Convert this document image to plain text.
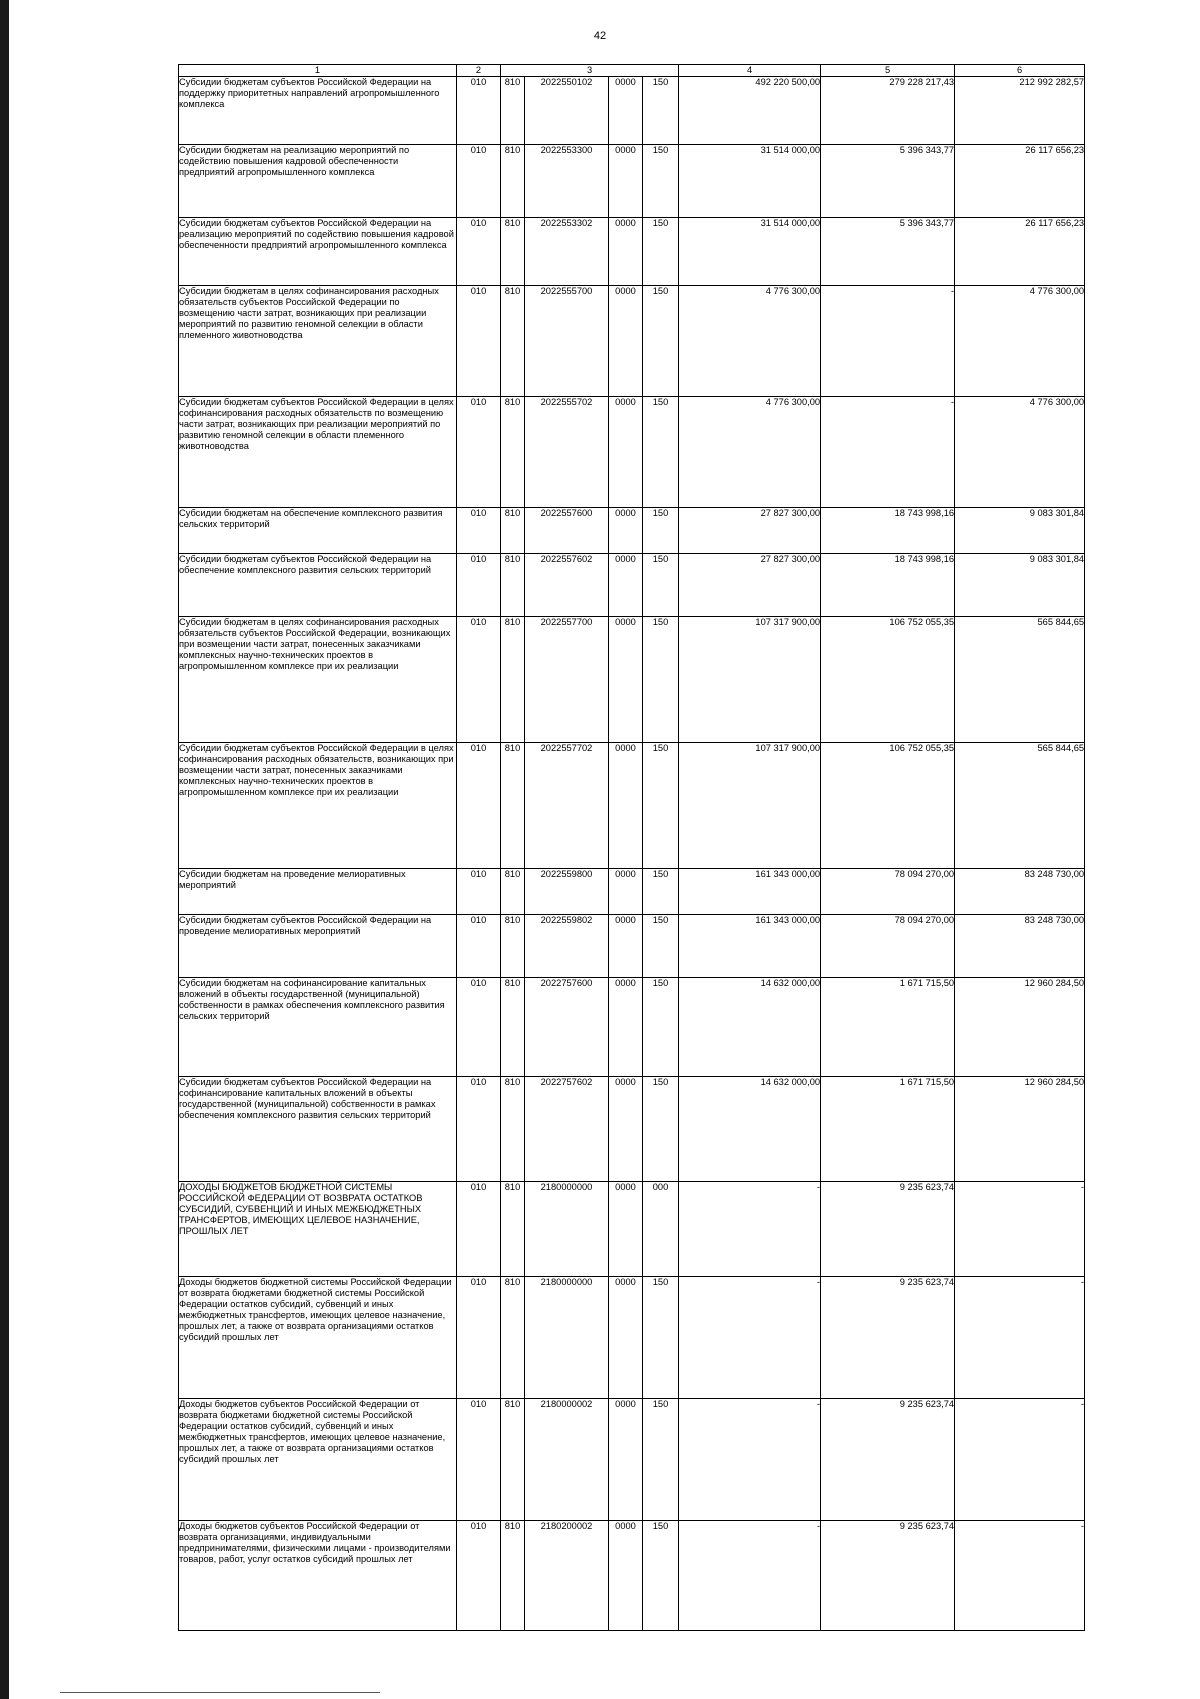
42
1	2	3				4	5	6
Субсидии бюджетам субъектов Российской Федерации на поддержку приоритетных направлений агропромышленного комплекса	010	810	2022550102	0000	150	492 220 500,00	279 228 217,43	212 992 282,57
Субсидии бюджетам на реализацию мероприятий по содействию повышения кадровой обеспеченности предприятий агропромышленного комплекса	010	810	2022553300	0000	150	31 514 000,00	5 396 343,77	26 117 656,23
Субсидии бюджетам субъектов Российской Федерации на реализацию мероприятий по содействию повышения кадровой обеспеченности предприятий агропромышленного комплекса	010	810	2022553302	0000	150	31 514 000,00	5 396 343,77	26 117 656,23
Субсидии бюджетам в целях софинансирования расходных обязательств субъектов Российской Федерации по возмещению части затрат, возникающих при реализации мероприятий по развитию геномной селекции в области племенного животноводства	010	810	2022555700	0000	150	4 776 300,00	-	4 776 300,00
Субсидии бюджетам субъектов Российской Федерации в целях софинансирования расходных обязательств по возмещению части затрат, возникающих при реализации мероприятий по развитию геномной селекции в области племенного животноводства	010	810	2022555702	0000	150	4 776 300,00	-	4 776 300,00
Субсидии бюджетам на обеспечение комплексного развития сельских территорий	010	810	2022557600	0000	150	27 827 300,00	18 743 998,16	9 083 301,84
Субсидии бюджетам субъектов Российской Федерации на обеспечение комплексного развития сельских территорий	010	810	2022557602	0000	150	27 827 300,00	18 743 998,16	9 083 301,84
Субсидии бюджетам в целях софинансирования расходных обязательств субъектов Российской Федерации, возникающих при возмещении части затрат, понесенных заказчиками комплексных научно-технических проектов в агропромышленном комплексе при их реализации	010	810	2022557700	0000	150	107 317 900,00	106 752 055,35	565 844,65
Субсидии бюджетам субъектов Российской Федерации в целях софинансирования расходных обязательств, возникающих при возмещении части затрат, понесенных заказчиками комплексных научно-технических проектов в агропромышленном комплексе при их реализации	010	810	2022557702	0000	150	107 317 900,00	106 752 055,35	565 844,65
Субсидии бюджетам на проведение мелиоративных мероприятий	010	810	2022559800	0000	150	161 343 000,00	78 094 270,00	83 248 730,00
Субсидии бюджетам субъектов Российской Федерации на проведение мелиоративных мероприятий	010	810	2022559802	0000	150	161 343 000,00	78 094 270,00	83 248 730,00
Субсидии бюджетам на софинансирование капитальных вложений в объекты государственной (муниципальной) собственности в рамках обеспечения комплексного развития сельских территорий	010	810	2022757600	0000	150	14 632 000,00	1 671 715,50	12 960 284,50
Субсидии бюджетам субъектов Российской Федерации на софинансирование капитальных вложений в объекты государственной (муниципальной) собственности в рамках обеспечения комплексного развития сельских территорий	010	810	2022757602	0000	150	14 632 000,00	1 671 715,50	12 960 284,50
ДОХОДЫ БЮДЖЕТОВ БЮДЖЕТНОЙ СИСТЕМЫ РОССИЙСКОЙ ФЕДЕРАЦИИ ОТ ВОЗВРАТА ОСТАТКОВ СУБСИДИЙ, СУБВЕНЦИЙ И ИНЫХ МЕЖБЮДЖЕТНЫХ ТРАНСФЕРТОВ, ИМЕЮЩИХ ЦЕЛЕВОЕ НАЗНАЧЕНИЕ, ПРОШЛЫХ ЛЕТ	010	810	2180000000	0000	000	-	9 235 623,74	-
Доходы бюджетов бюджетной системы Российской Федерации от возврата бюджетами бюджетной системы Российской Федерации остатков субсидий, субвенций и иных межбюджетных трансфертов, имеющих целевое назначение, прошлых лет, а также от возврата организациями остатков субсидий прошлых лет	010	810	2180000000	0000	150	-	9 235 623,74	-
Доходы бюджетов субъектов Российской Федерации от возврата бюджетами бюджетной системы Российской Федерации остатков субсидий, субвенций и иных межбюджетных трансфертов, имеющих целевое назначение, прошлых лет, а также от возврата организациями остатков субсидий прошлых лет	010	810	2180000002	0000	150	-	9 235 623,74	-
Доходы бюджетов субъектов Российской Федерации от возврата организациями, индивидуальными предпринимателями, физическими лицами - производителями товаров, работ, услуг остатков субсидий прошлых лет	010	810	2180200002	0000	150	-	9 235 623,74	-
